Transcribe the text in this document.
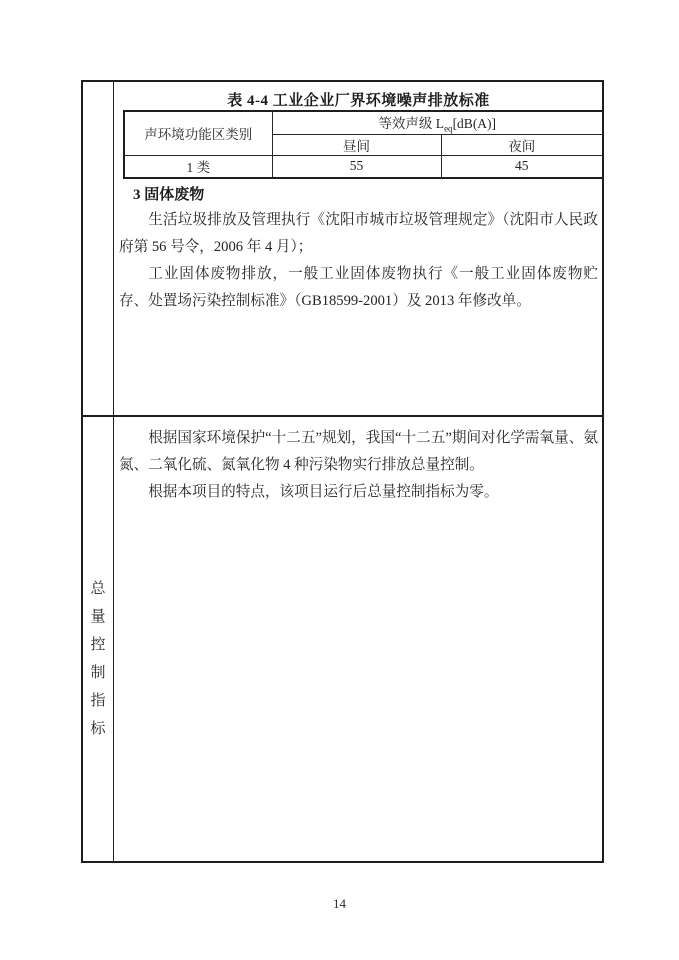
表 4-4 工业企业厂界环境噪声排放标准
声环境功能区类别	等效声级 $L_{eq}[dB(A)]$	
	昼间	夜间
1 类	55	45
3 固体废物

生活垃圾排放及管理执行《沈阳市城市垃圾管理规定》（沈阳市人民政府第 56 号令，2006 年 4 月）；

工业固体废物排放，一般工业固体废物执行《一般工业固体废物贮存、处置场污染控制标准》（GB18599-2001）及 2013 年修改单。

总
量
控
制
指
标

根据国家环境保护“十二五”规划，我国“十二五”期间对化学需氧量、氨氮、二氧化硫、氮氧化物 4 种污染物实行排放总量控制。

根据本项目的特点，该项目运行后总量控制指标为零。

14
